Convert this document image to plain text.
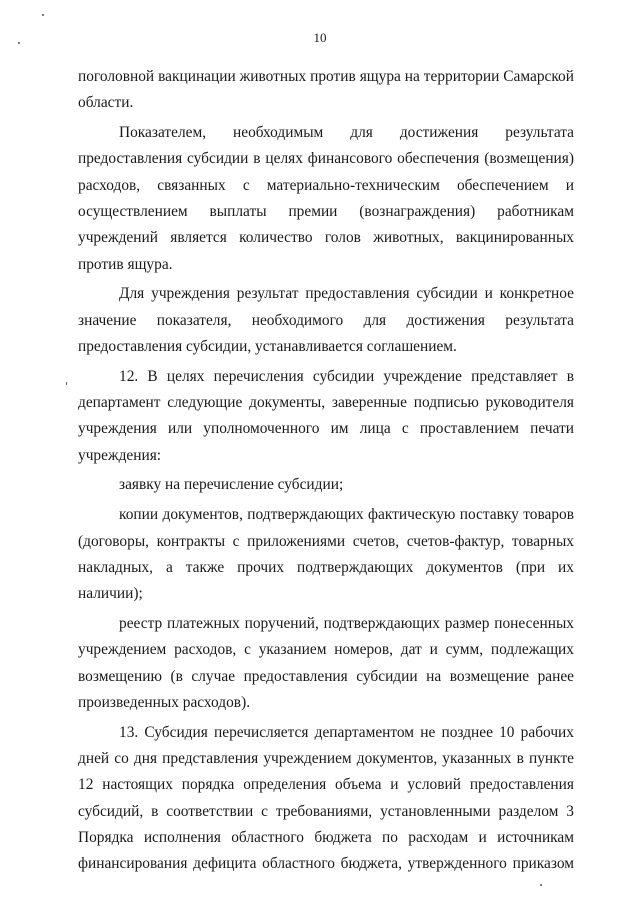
10
поголовной вакцинации животных против ящура на территории Самарской
области.
Показателем, необходимым для достижения результата
предоставления субсидии в целях финансового обеспечения (возмещения)
расходов, связанных с материально-техническим обеспечением и
осуществлением выплаты премии (вознаграждения) работникам
учреждений является количество голов животных, вакцинированных
против ящура.
Для учреждения результат предоставления субсидии и конкретное
значение показателя, необходимого для достижения результата
предоставления субсидии, устанавливается соглашением.
12. В целях перечисления субсидии учреждение представляет в
департамент следующие документы, заверенные подписью руководителя
учреждения или уполномоченного им лица с проставлением печати
учреждения:
заявку на перечисление субсидии;
копии документов, подтверждающих фактическую поставку товаров
(договоры, контракты с приложениями счетов, счетов-фактур, товарных
накладных, а также прочих подтверждающих документов (при их
наличии);
реестр платежных поручений, подтверждающих размер понесенных
учреждением расходов, с указанием номеров, дат и сумм, подлежащих
возмещению (в случае предоставления субсидии на возмещение ранее
произведенных расходов).
13. Субсидия перечисляется департаментом не позднее 10 рабочих
дней со дня представления учреждением документов, указанных в пункте
12 настоящих порядка определения объема и условий предоставления
субсидий, в соответствии с требованиями, установленными разделом 3
Порядка исполнения областного бюджета по расходам и источникам
финансирования дефицита областного бюджета, утвержденного приказом
